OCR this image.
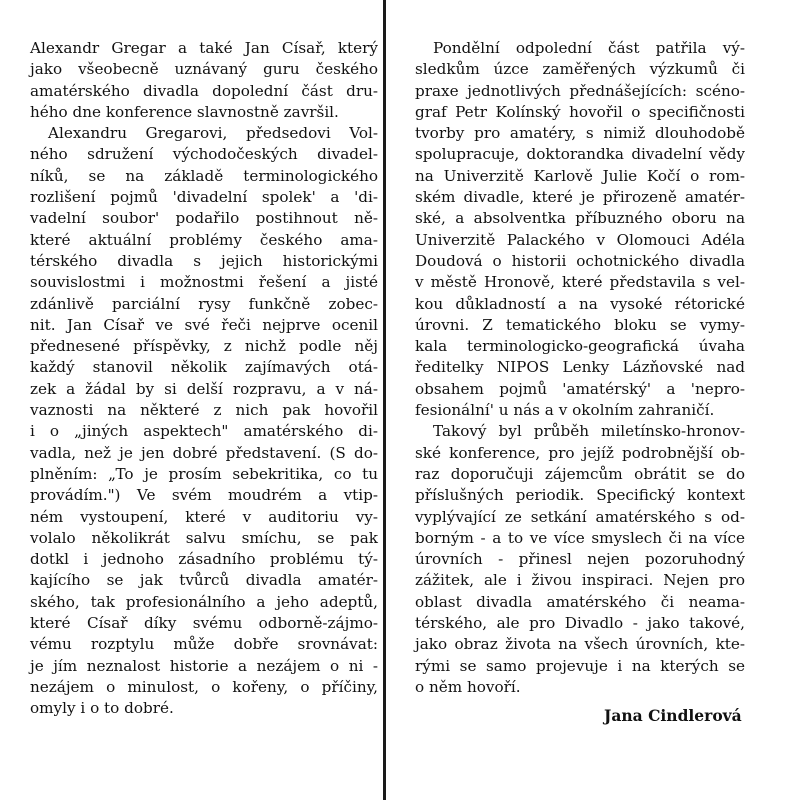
Alexandr Gregar a také Jan Císař, který
jako všeobecně uznávaný guru českého
amatérského divadla dopolední část dru-
hého dne konference slavnostně završil.
Alexandru Gregarovi, předsedovi Vol-
ného sdružení východočeských divadel-
níků, se na základě terminologického
rozlišení pojmů 'divadelní spolek' a 'di-
vadelní soubor' podařilo postihnout ně-
které aktuální problémy českého ama-
térského divadla s jejich historickými
souvislostmi i možnostmi řešení a jisté
zdánlivě parciální rysy funkčně zobec-
nit. Jan Císař ve své řeči nejprve ocenil
přednesené příspěvky, z nichž podle něj
každý stanovil několik zajímavých otá-
zek a žádal by si delší rozpravu, a v ná-
vaznosti na některé z nich pak hovořil
i o „jiných aspektech" amatérského di-
vadla, než je jen dobré představení. (S do-
plněním: „To je prosím sebekritika, co tu
provádím.") Ve svém moudrém a vtip-
ném vystoupení, které v auditoriu vy-
volalo několikrát salvu smíchu, se pak
dotkl i jednoho zásadního problému tý-
kajícího se jak tvůrců divadla amatér-
ského, tak profesionálního a jeho adeptů,
které Císař díky svému odborně-zájmo-
vému rozptylu může dobře srovnávat:
je jím neznalost historie a nezájem o ni -
nezájem o minulost, o kořeny, o příčiny,
omyly i o to dobré.
Pondělní odpolední část patřila vý-
sledkům úzce zaměřených výzkumů či
praxe jednotlivých přednášejících: scéno-
graf Petr Kolínský hovořil o specifičnosti
tvorby pro amatéry, s nimiž dlouhodobě
spolupracuje, doktorandka divadelní vědy
na Univerzitě Karlově Julie Kočí o rom-
ském divadle, které je přirozeně amatér-
ské, a absolventka příbuzného oboru na
Univerzitě Palackého v Olomouci Adéla
Doudová o historii ochotnického divadla
v městě Hronově, které představila s vel-
kou důkladností a na vysoké rétorické
úrovni. Z tematického bloku se vymy-
kala terminologicko-geografická úvaha
ředitelky NIPOS Lenky Lázňovské nad
obsahem pojmů 'amatérský' a 'nepro-
fesionální' u nás a v okolním zahraničí.
Takový byl průběh miletínsko-hronov-
ské konference, pro jejíž podrobnější ob-
raz doporučuji zájemcům obrátit se do
příslušných periodik. Specifický kontext
vyplývající ze setkání amatérského s od-
borným - a to ve více smyslech či na více
úrovních - přinesl nejen pozoruhodný
zážitek, ale i živou inspiraci. Nejen pro
oblast divadla amatérského či neama-
térského, ale pro Divadlo - jako takové,
jako obraz života na všech úrovních, kte-
rými se samo projevuje i na kterých se
o něm hovoří.
Jana Cindlerová
